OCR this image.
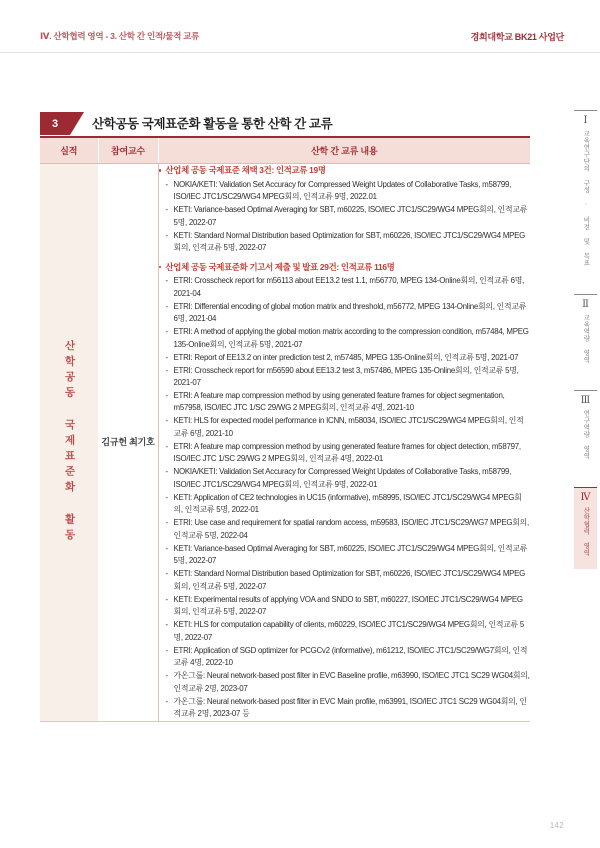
Ⅳ. 산학협력 영역 - 3. 산학 간 인적/물적 교류	경희대학교 BK21 사업단
3	산학공동 국제표준화 활동을 통한 산학 간 교류
실적	참여교수	산학 간 교류 내용

산학공동 국제표준화 활동	김규헌 최기호	
산업체 공동 국제표준 채택 3건: 인적교류 19명
- NOKIA/KETI: Validation Set Accuracy for Compressed Weight Updates of Collaborative Tasks, m58799, ISO/IEC JTC1/SC29/WG4 MPEG회의, 인적교류 9명, 2022.01
- KETI: Variance-based Optimal Averaging for SBT, m60225, ISO/IEC JTC1/SC29/WG4 MPEG회의, 인적교류 5명, 2022-07
- KETI: Standard Normal Distribution based Optimization for SBT, m60226, ISO/IEC JTC1/SC29/WG4 MPEG회의, 인적교류 5명, 2022-07
산업체 공동 국제표준화 기고서 제출 및 발표 29건: 인적교류 116명
- ETRI: Crosscheck report for m56113 about EE13.2 test 1.1, m56770, MPEG 134-Online회의, 인적교류 6명, 2021-04
- ETRI: Differential encoding of global motion matrix and threshold, m56772, MPEG 134-Online회의, 인적교류 6명, 2021-04
- ETRI: A method of applying the global motion matrix according to the compression condition, m57484, MPEG 135-Online회의, 인적교류 5명, 2021-07
- ETRI: Report of EE13.2 on inter prediction test 2, m57485, MPEG 135-Online회의, 인적교류 5명, 2021-07
- ETRI: Crosscheck report for m56590 about EE13.2 test 3, m57486, MPEG 135-Online회의, 인적교류 5명, 2021-07
- ETRI: A feature map compression method by using generated feature frames for object segmentation, m57958, ISO/IEC JTC 1/SC 29/WG 2 MPEG회의, 인적교류 4명, 2021-10
- KETI: HLS for expected model performance in ICNN, m58034, ISO/IEC JTC1/SC29/WG4 MPEG회의, 인적교류 6명, 2021-10
- ETRI: A feature map compression method by using generated feature frames for object detection, m58797, ISO/IEC JTC 1/SC 29/WG 2 MPEG회의, 인적교류 4명, 2022-01
- NOKIA/KETI: Validation Set Accuracy for Compressed Weight Updates of Collaborative Tasks, m58799, ISO/IEC JTC1/SC29/WG4 MPEG회의, 인적교류 9명, 2022-01
- KETI: Application of CE2 technologies in UC15 (informative), m58995, ISO/IEC JTC1/SC29/WG4 MPEG회의, 인적교류 5명, 2022-01
- ETRI: Use case and requirement for spatial random access, m59583, ISO/IEC JTC1/SC29/WG7 MPEG회의, 인적교류 5명, 2022-04
- KETI: Variance-based Optimal Averaging for SBT, m60225, ISO/IEC JTC1/SC29/WG4 MPEG회의, 인적교류 5명, 2022-07
- KETI: Standard Normal Distribution based Optimization for SBT, m60226, ISO/IEC JTC1/SC29/WG4 MPEG회의, 인적교류 5명, 2022-07
- KETI: Experimental results of applying VOA and SNDO to SBT, m60227, ISO/IEC JTC1/SC29/WG4 MPEG회의, 인적교류 5명, 2022-07
- KETI: HLS for computation capability of clients, m60229, ISO/IEC JTC1/SC29/WG4 MPEG회의, 인적교류 5명, 2022-07
- ETRI: Application of SGD optimizer for PCGCv2 (informative), m61212, ISO/IEC JTC1/SC29/WG7회의, 인적교류 4명, 2022-10
- 가온그룹: Neural network-based post filter in EVC Baseline profile, m63990, ISO/IEC JTC1 SC29 WG04회의, 인적교류 2명, 2023-07
- 가온그룹: Neural network-based post filter in EVC Main profile, m63991, ISO/IEC JTC1 SC29 WG04회의, 인적교류 2명, 2023-07 등
Ⅰ
교육연구단의 구성 · 비전 및 목표
Ⅱ
교육역량 영역
Ⅲ
연구역량 영역
Ⅳ
산학협력 영역
142
